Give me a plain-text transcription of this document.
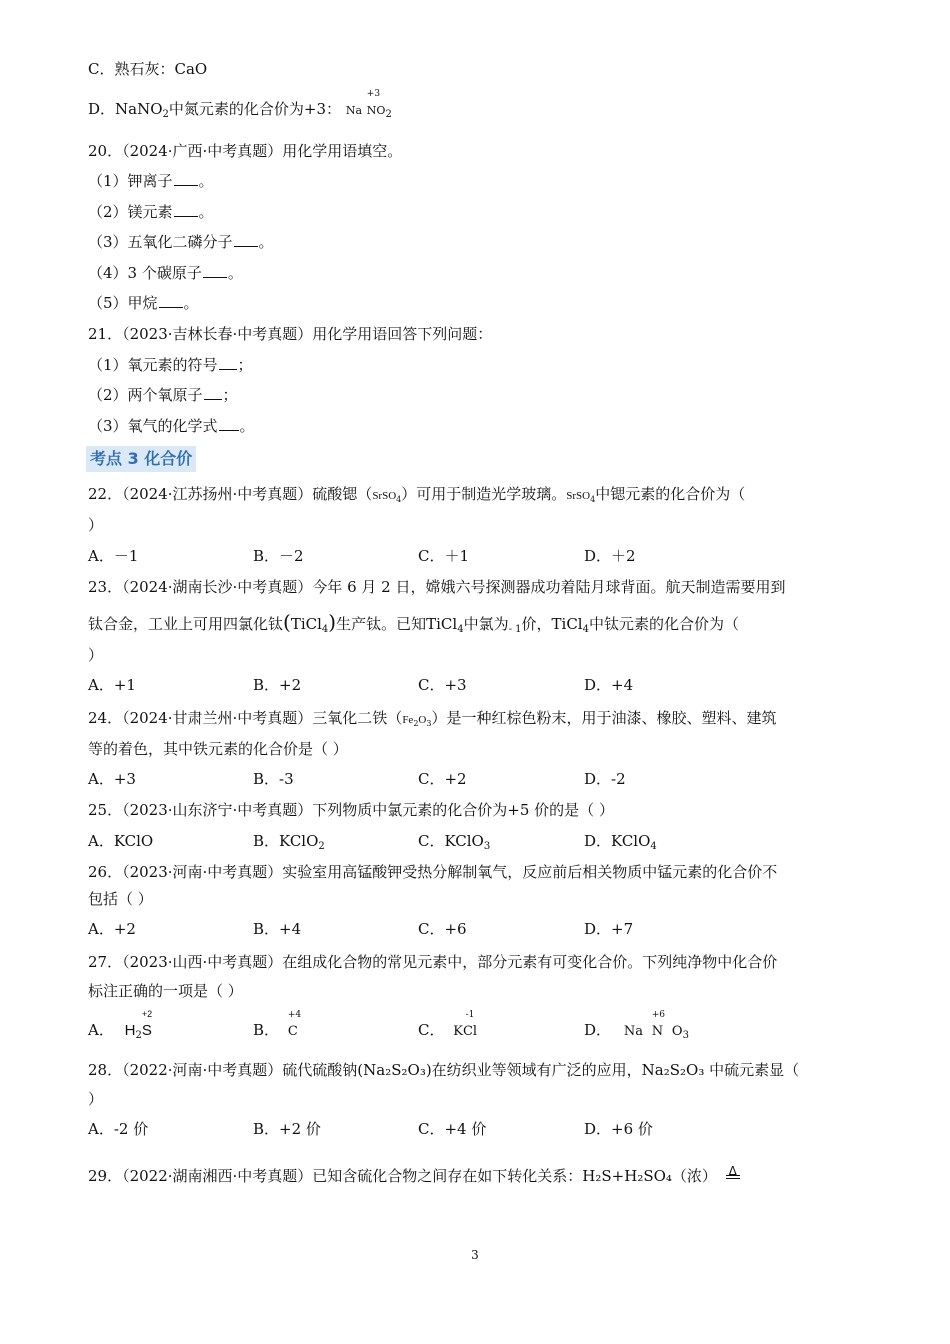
C．熟石灰：CaO
D．NaNO$_2$中氮元素的化合价为+3： Na
+3
$NO_2$
20．（2024·广西·中考真题）用化学用语填空。
（1）钾离子 。
（2）镁元素 。
（3）五氧化二磷分子 。
（4）3 个碳原子 。
（5）甲烷 。
21．（2023·吉林长春·中考真题）用化学用语回答下列问题：
（1）氧元素的符号 ；
（2）两个氧原子 ；
（3）氧气的化学式 。
考点 3 化合价
22．（2024·江苏扬州·中考真题）硫酸锶（SrSO$_4$）可用于制造光学玻璃。SrSO$_4$中锶元素的化合价为（
）
A．－1	B．－2	C．＋1	D．＋2
23．（2024·湖南长沙·中考真题）今年 6 月 2 日，嫦娥六号探测器成功着陆月球背面。航天制造需要用到
钛合金，工业上可用四氯化钛(TiCl$_4$)生产钛。已知TiCl$_4$中氯为$_{- 1}$价，TiCl$_4$中钛元素的化合价为（
）
A．+1	B．+2	C．+3	D．+4
24．（2024·甘肃兰州·中考真题）三氧化二铁$(Fe_2O_3)$是一种红棕色粉末，用于油漆、橡胶、塑料、建筑
等的着色，其中铁元素的化合价是（ ）
A．+3	B．-3	C．+2	D．-2
25．（2023·山东济宁·中考真题）下列物质中氯元素的化合价为+5 价的是（ ）
A．KClO	B．KClO$_2$	C．KClO$_3$	D．KClO$_4$
26．（2023·河南·中考真题）实验室用高锰酸钾受热分解制氧气，反应前后相关物质中锰元素的化合价不
包括（ ）
A．+2	B．+4	C．+6	D．+7
27．（2023·山西·中考真题）在组成化合物的常见元素中，部分元素有可变化合价。下列纯净物中化合价
标注正确的一项是（ ）
A． $H_2$
+2
S	B．
+4
C	C． K
-1
Cl	D． Na
+6
N $O_3$
28．（2022·河南·中考真题）硫代硫酸钠(Na₂S₂O₃)在纺织业等领域有广泛的应用，Na₂S₂O₃ 中硫元素显（
）
A．-2 价	B．+2 价	C．+4 价	D．+6 价
29．（2022·湖南湘西·中考真题）已知含硫化合物之间存在如下转化关系：H₂S+H₂SO₄（浓） Δ
3
